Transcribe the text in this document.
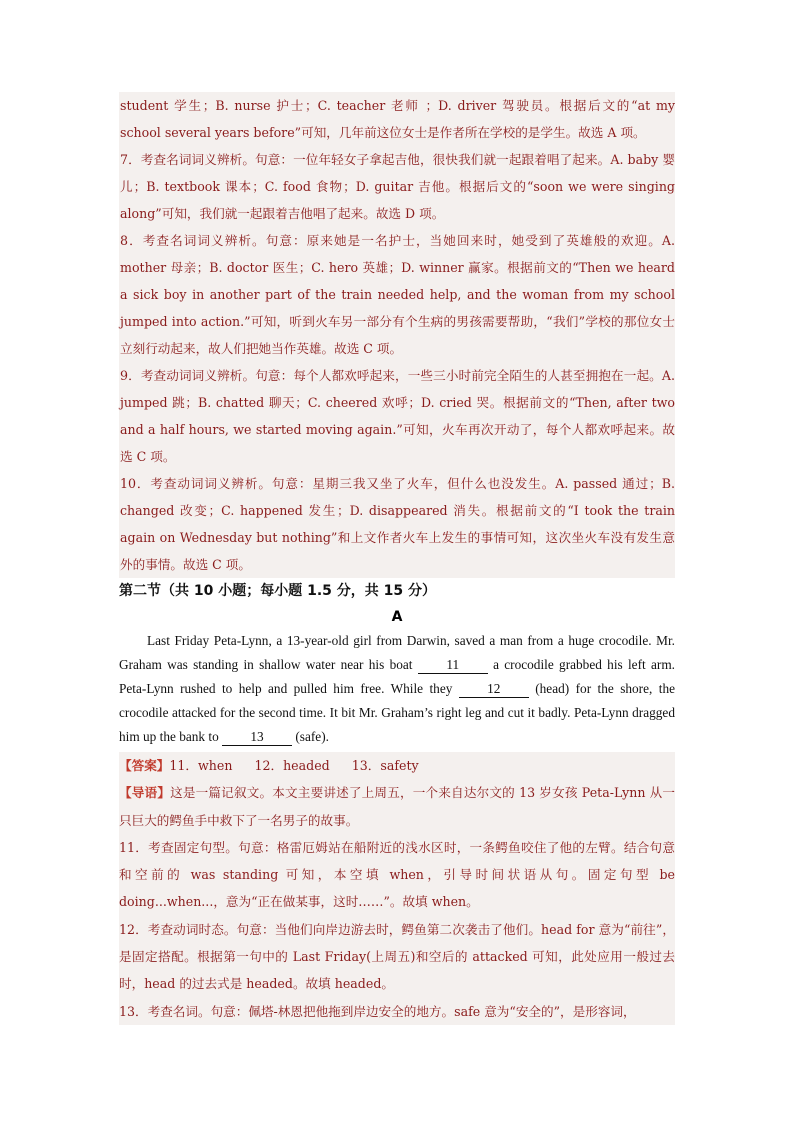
student 学生；B. nurse 护士；C. teacher 老师 ；D. driver 驾驶员。根据后文的“at my school several years before”可知，几年前这位女士是作者所在学校的是学生。故选 A 项。

7．考查名词词义辨析。句意：一位年轻女子拿起吉他，很快我们就一起跟着唱了起来。A. baby 婴儿；B. textbook 课本；C. food 食物；D. guitar 吉他。根据后文的“soon we were singing along”可知，我们就一起跟着吉他唱了起来。故选 D 项。

8．考查名词词义辨析。句意：原来她是一名护士，当她回来时，她受到了英雄般的欢迎。A. mother 母亲；B. doctor 医生；C. hero 英雄；D. winner 赢家。根据前文的“Then we heard a sick boy in another part of the train needed help, and the woman from my school jumped into action.”可知，听到火车另一部分有个生病的男孩需要帮助，“我们”学校的那位女士立刻行动起来，故人们把她当作英雄。故选 C 项。

9．考查动词词义辨析。句意：每个人都欢呼起来，一些三小时前完全陌生的人甚至拥抱在一起。A. jumped 跳；B. chatted 聊天；C. cheered 欢呼；D. cried 哭。根据前文的“Then, after two and a half hours, we started moving again.”可知，火车再次开动了，每个人都欢呼起来。故选 C 项。

10．考查动词词义辨析。句意：星期三我又坐了火车，但什么也没发生。A. passed 通过；B. changed 改变；C. happened 发生；D. disappeared 消失。根据前文的“I took the train again on Wednesday but nothing”和上文作者火车上发生的事情可知，这次坐火车没有发生意外的事情。故选 C 项。

第二节（共 10 小题；每小题 1.5 分，共 15 分）
A

Last Friday Peta-Lynn, a 13-year-old girl from Darwin, saved a man from a huge crocodile. Mr. Graham was standing in shallow water near his boat 11 a crocodile grabbed his left arm. Peta-Lynn rushed to help and pulled him free. While they 12 (head) for the shore, the crocodile attacked for the second time. It bit Mr. Graham’s right leg and cut it badly. Peta-Lynn dragged him up the bank to 13 (safe).

【答案】11．when 12．headed 13．safety

【导语】这是一篇记叙文。本文主要讲述了上周五，一个来自达尔文的 13 岁女孩 Peta-Lynn 从一只巨大的鳄鱼手中救下了一名男子的故事。

11．考查固定句型。句意：格雷厄姆站在船附近的浅水区时，一条鳄鱼咬住了他的左臂。结合句意和空前的 was standing 可知，本空填 when，引导时间状语从句。固定句型 be doing...when...，意为“正在做某事，这时……”。故填 when。

12．考查动词时态。句意：当他们向岸边游去时，鳄鱼第二次袭击了他们。head for 意为“前往”，是固定搭配。根据第一句中的 Last Friday(上周五)和空后的 attacked 可知，此处应用一般过去时，head 的过去式是 headed。故填 headed。

13．考查名词。句意：佩塔-林恩把他拖到岸边安全的地方。safe 意为“安全的”，是形容词，
